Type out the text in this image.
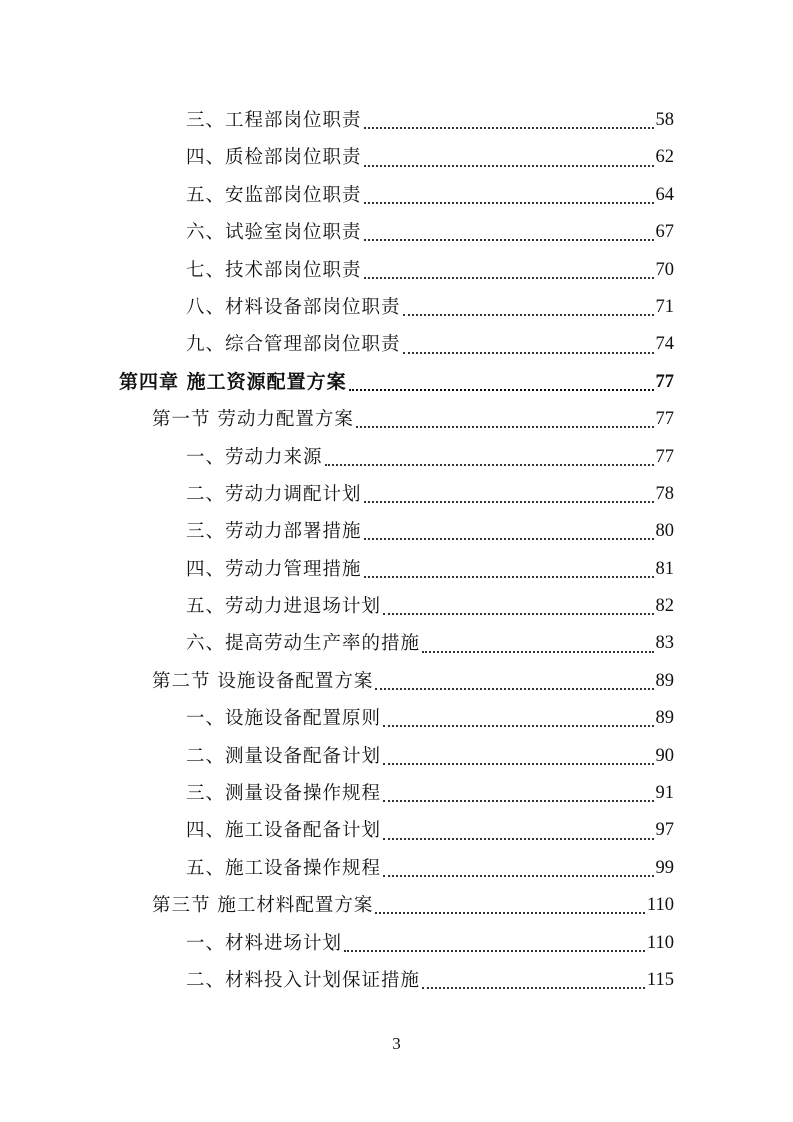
三、工程部岗位职责	58
四、质检部岗位职责	62
五、安监部岗位职责	64
六、试验室岗位职责	67
七、技术部岗位职责	70
八、材料设备部岗位职责	71
九、综合管理部岗位职责	74
第四章 施工资源配置方案	77
第一节 劳动力配置方案	77
一、劳动力来源	77
二、劳动力调配计划	78
三、劳动力部署措施	80
四、劳动力管理措施	81
五、劳动力进退场计划	82
六、提高劳动生产率的措施	83
第二节 设施设备配置方案	89
一、设施设备配置原则	89
二、测量设备配备计划	90
三、测量设备操作规程	91
四、施工设备配备计划	97
五、施工设备操作规程	99
第三节 施工材料配置方案	110
一、材料进场计划	110
二、材料投入计划保证措施	115
3
